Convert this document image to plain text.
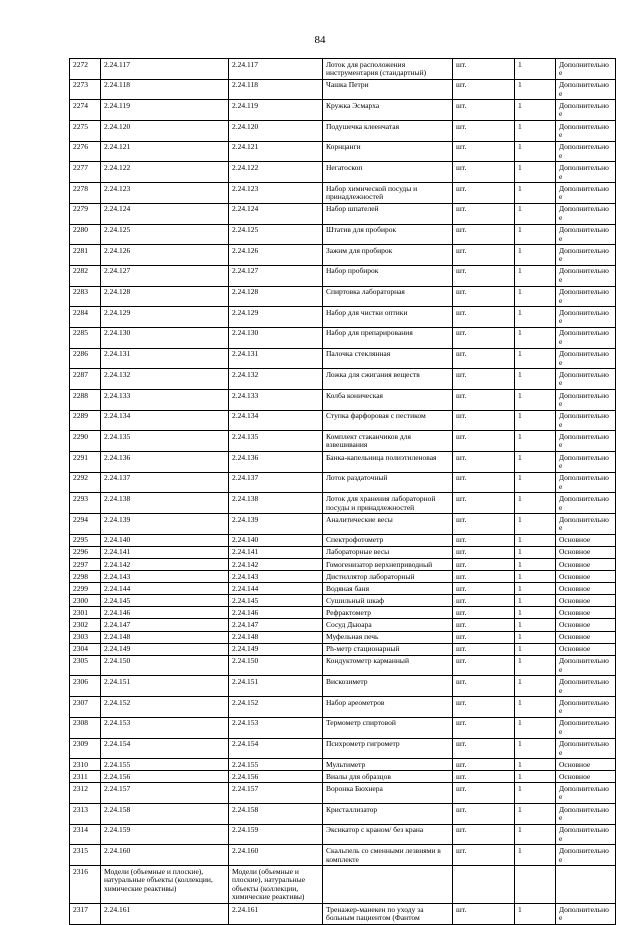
84
2272	2.24.117	2.24.117	Лоток для расположения инструментария (стандартный)	шт.	1	Дополнительное
2273	2.24.118	2.24.118	Чашка Петри	шт.	1	Дополнительное
2274	2.24.119	2.24.119	Кружка Эсмарха	шт.	1	Дополнительное
2275	2.24.120	2.24.120	Подушечка клеенчатая	шт.	1	Дополнительное
2276	2.24.121	2.24.121	Корнцанги	шт.	1	Дополнительное
2277	2.24.122	2.24.122	Негатоскоп	шт.	1	Дополнительное
2278	2.24.123	2.24.123	Набор химической посуды и принадлежностей	шт.	1	Дополнительное
2279	2.24.124	2.24.124	Набор шпателей	шт.	1	Дополнительное
2280	2.24.125	2.24.125	Штатив для пробирок	шт.	1	Дополнительное
2281	2.24.126	2.24.126	Зажим для пробирок	шт.	1	Дополнительное
2282	2.24.127	2.24.127	Набор пробирок	шт.	1	Дополнительное
2283	2.24.128	2.24.128	Спиртовка лабораторная	шт.	1	Дополнительное
2284	2.24.129	2.24.129	Набор для чистки оптики	шт.	1	Дополнительное
2285	2.24.130	2.24.130	Набор для препарирования	шт.	1	Дополнительное
2286	2.24.131	2.24.131	Палочка стеклянная	шт.	1	Дополнительное
2287	2.24.132	2.24.132	Ложка для сжигания веществ	шт.	1	Дополнительное
2288	2.24.133	2.24.133	Колба коническая	шт.	1	Дополнительное
2289	2.24.134	2.24.134	Ступка фарфоровая с пестиком	шт.	1	Дополнительное
2290	2.24.135	2.24.135	Комплект стаканчиков для взвешивания	шт.	1	Дополнительное
2291	2.24.136	2.24.136	Банка-капельница полиэтиленовая	шт.	1	Дополнительное
2292	2.24.137	2.24.137	Лоток раздаточный	шт.	1	Дополнительное
2293	2.24.138	2.24.138	Лоток для хранения лабораторной посуды и принадлежностей	шт.	1	Дополнительное
2294	2.24.139	2.24.139	Аналитические весы	шт.	1	Дополнительное
2295	2.24.140	2.24.140	Спектрофотометр	шт.	1	Основное
2296	2.24.141	2.24.141	Лабораторные весы	шт.	1	Основное
2297	2.24.142	2.24.142	Гомогенизатор верхнеприводный	шт.	1	Основное
2298	2.24.143	2.24.143	Дистиллятор лабораторный	шт.	1	Основное
2299	2.24.144	2.24.144	Водяная баня	шт.	1	Основное
2300	2.24.145	2.24.145	Сушильный шкаф	шт.	1	Основное
2301	2.24.146	2.24.146	Рефрактометр	шт.	1	Основное
2302	2.24.147	2.24.147	Сосуд Дьюара	шт.	1	Основное
2303	2.24.148	2.24.148	Муфельная печь	шт.	1	Основное
2304	2.24.149	2.24.149	Ph-метр стационарный	шт.	1	Основное
2305	2.24.150	2.24.150	Кондуктометр карманный	шт.	1	Дополнительное
2306	2.24.151	2.24.151	Вискозиметр	шт.	1	Дополнительное
2307	2.24.152	2.24.152	Набор ареометров	шт.	1	Дополнительное
2308	2.24.153	2.24.153	Термометр спиртовой	шт.	1	Дополнительное
2309	2.24.154	2.24.154	Психрометр гигрометр	шт.	1	Дополнительное
2310	2.24.155	2.24.155	Мультиметр	шт.	1	Основное
2311	2.24.156	2.24.156	Виалы для образцов	шт.	1	Основное
2312	2.24.157	2.24.157	Воронка Бюхнера	шт.	1	Дополнительное
2313	2.24.158	2.24.158	Кристаллизатор	шт.	1	Дополнительное
2314	2.24.159	2.24.159	Эксикатор с краном/ без крана	шт.	1	Дополнительное
2315	2.24.160	2.24.160	Скальпель со сменными лезвиями в комплекте	шт.	1	Дополнительное
2316	Модели (объемные и плоские), натуральные объекты (коллекции, химические реактивы)	Модели (объемные и плоские), натуральные объекты (коллекции, химические реактивы)				
2317	2.24.161	2.24.161	Тренажер-манекен по уходу за больным пациентом (Фантом	шт.	1	Дополнительное
